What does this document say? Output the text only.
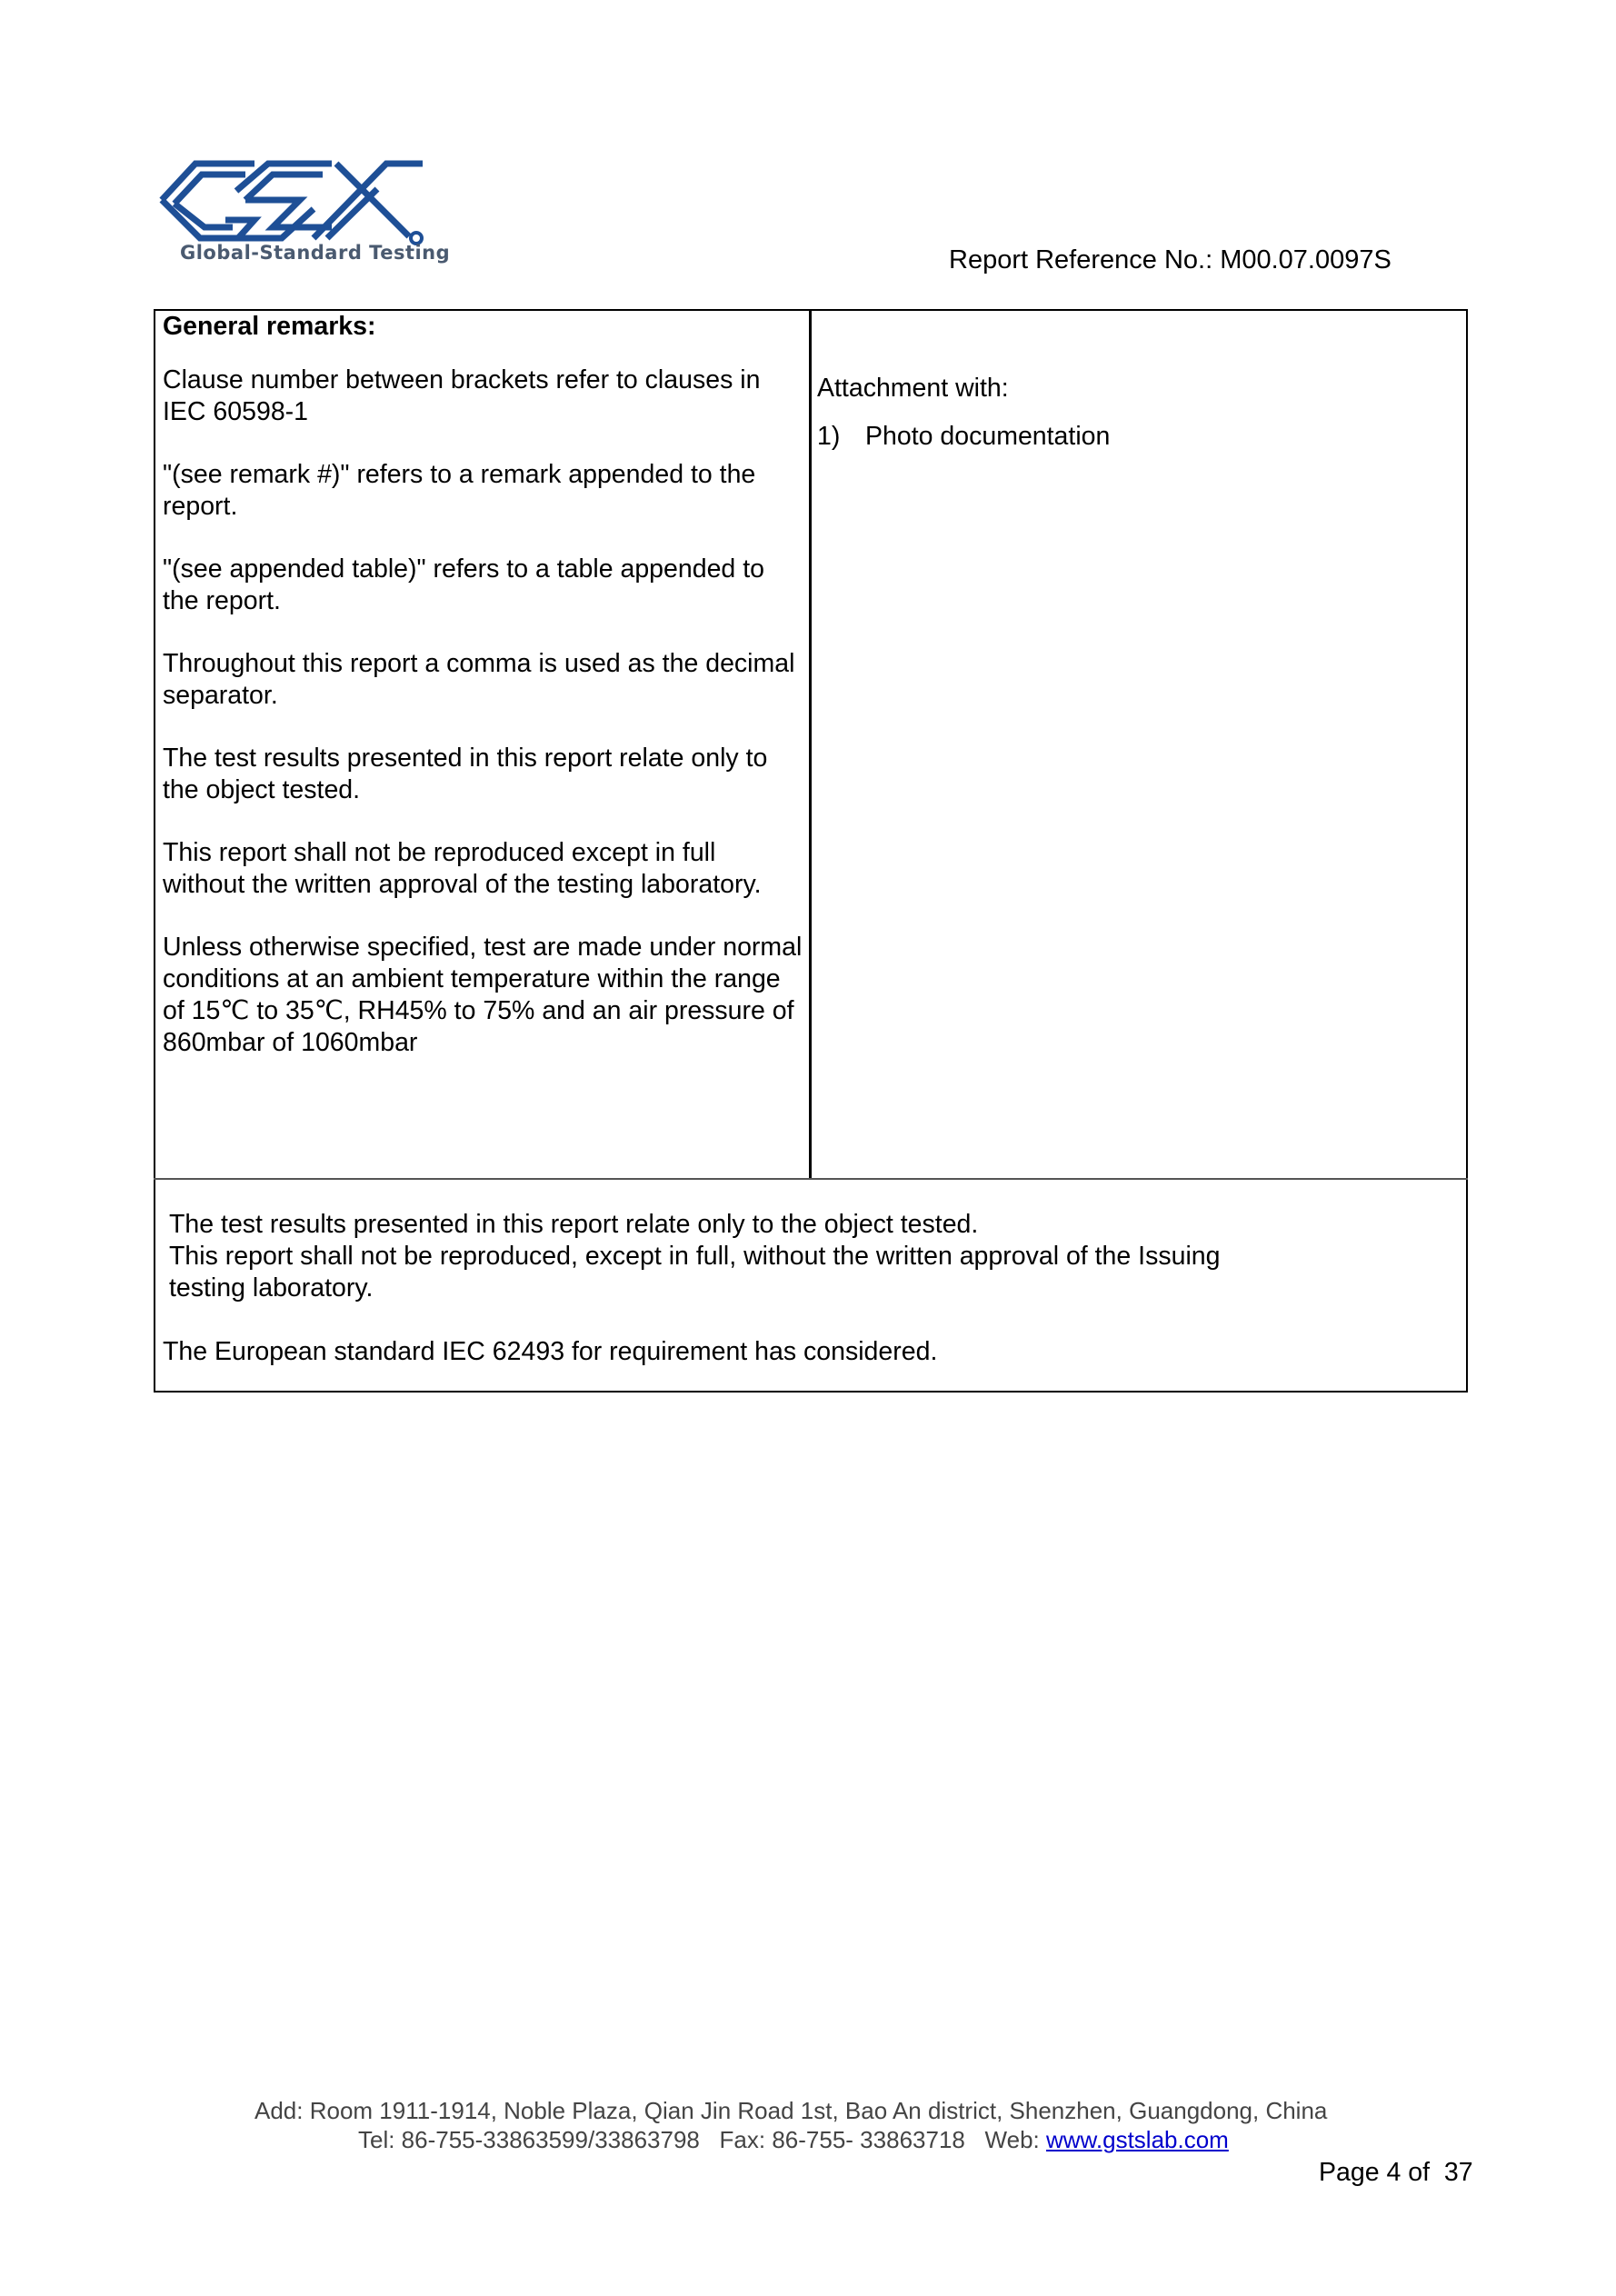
Global-Standard Testing	Report Reference No.: M00.07.0097S
General remarks:

Clause number between brackets refer to clauses in IEC 60598-1

"(see remark #)" refers to a remark appended to the report.

"(see appended table)" refers to a table appended to the report.

Throughout this report a comma is used as the decimal separator.

The test results presented in this report relate only to the object tested.

This report shall not be reproduced except in full without the written approval of the testing laboratory.

Unless otherwise specified, test are made under normal conditions at an ambient temperature within the range of 15℃ to 35℃, RH45% to 75% and an air pressure of 860mbar of 1060mbar

Attachment with:
1) Photo documentation
The test results presented in this report relate only to the object tested.
This report shall not be reproduced, except in full, without the written approval of the Issuing
testing laboratory.
The European standard IEC 62493 for requirement has considered.
Add: Room 1911-1914, Noble Plaza, Qian Jin Road 1st, Bao An district, Shenzhen, Guangdong, China
Tel: 86-755-33863599/33863798   Fax: 86-755- 33863718   Web: www.gstslab.com
Page 4 of  37
